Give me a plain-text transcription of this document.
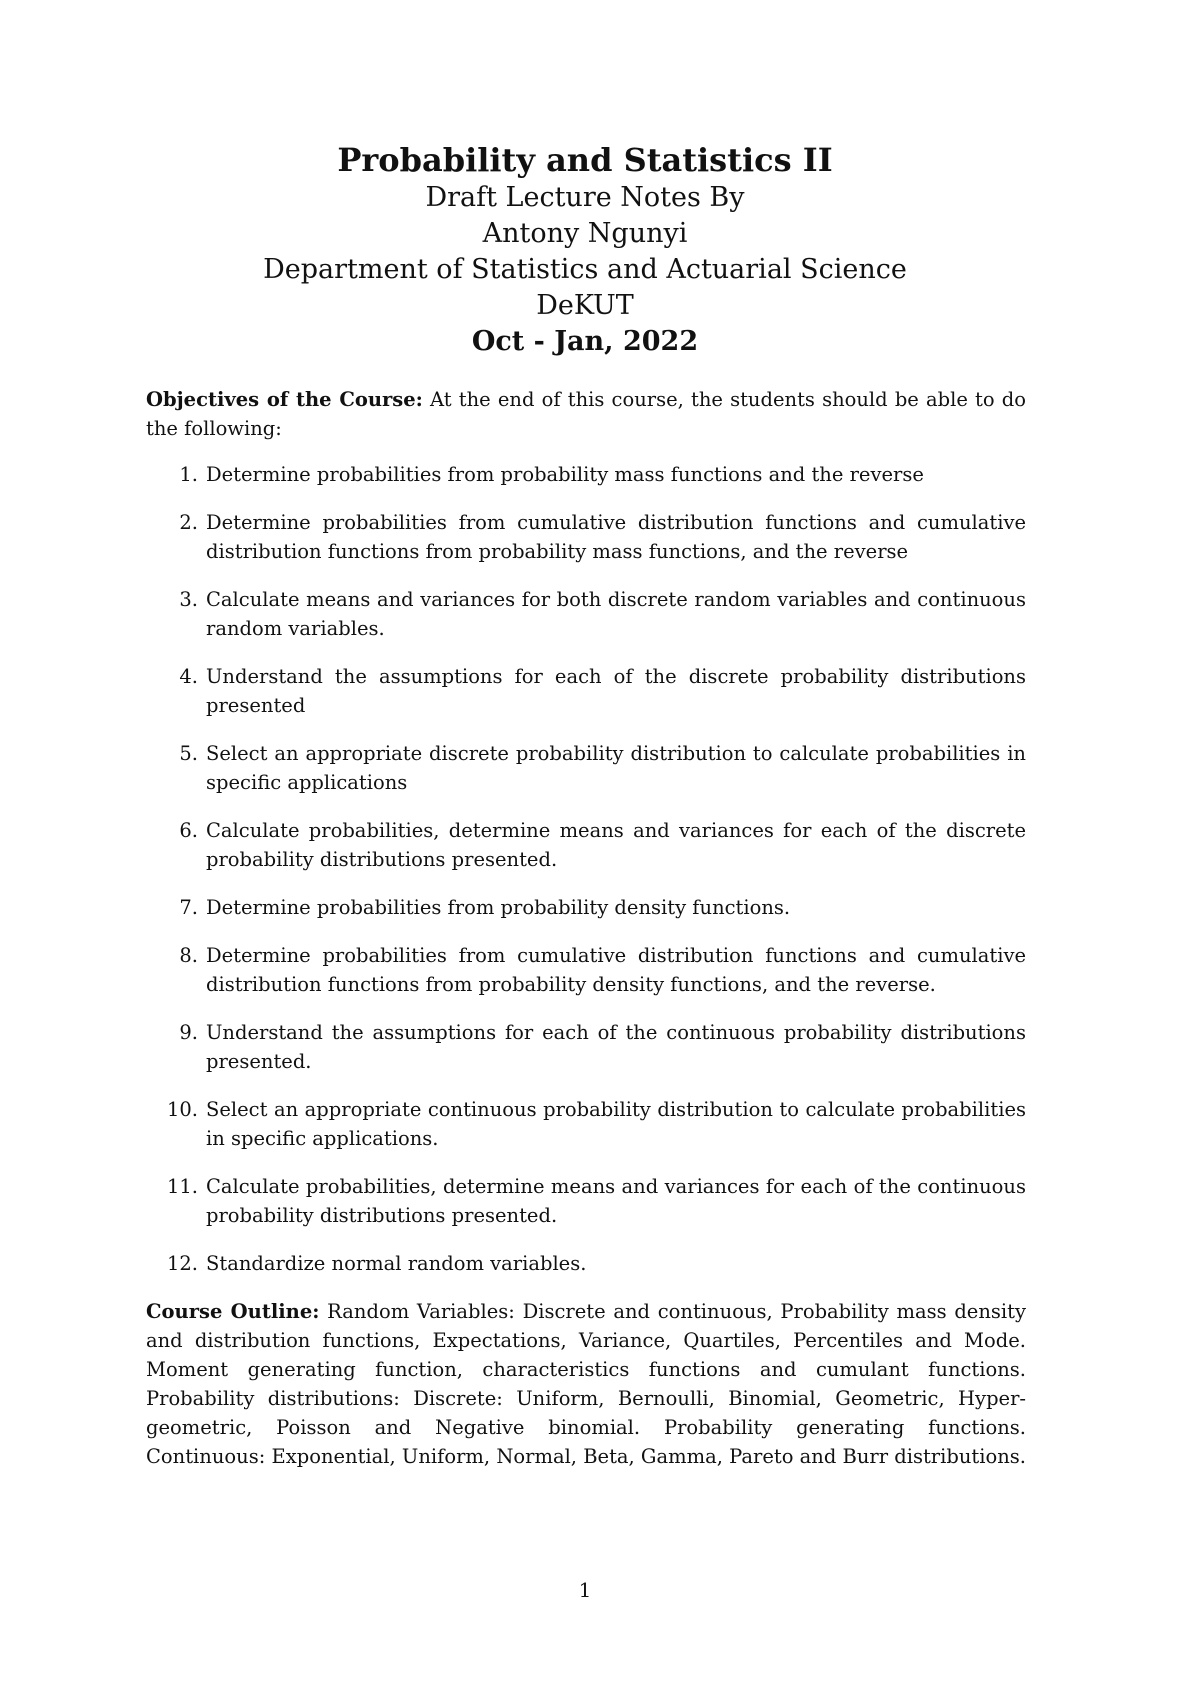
Probability and Statistics II
Draft Lecture Notes By
Antony Ngunyi
Department of Statistics and Actuarial Science
DeKUT
Oct - Jan, 2022

Objectives of the Course: At the end of this course, the students should be able to do the following:

1. Determine probabilities from probability mass functions and the reverse
2. Determine probabilities from cumulative distribution functions and cumulative distribution functions from probability mass functions, and the reverse
3. Calculate means and variances for both discrete random variables and continuous random variables.
4. Understand the assumptions for each of the discrete probability distributions presented
5. Select an appropriate discrete probability distribution to calculate probabilities in specific applications
6. Calculate probabilities, determine means and variances for each of the discrete probability distributions presented.
7. Determine probabilities from probability density functions.
8. Determine probabilities from cumulative distribution functions and cumulative distribution functions from probability density functions, and the reverse.
9. Understand the assumptions for each of the continuous probability distributions presented.
10. Select an appropriate continuous probability distribution to calculate probabilities in specific applications.
11. Calculate probabilities, determine means and variances for each of the continuous probability distributions presented.
12. Standardize normal random variables.

Course Outline: Random Variables: Discrete and continuous, Probability mass density and distribution functions, Expectations, Variance, Quartiles, Percentiles and Mode. Moment generating function, characteristics functions and cumulant functions. Probability distributions: Discrete: Uniform, Bernoulli, Binomial, Geometric, Hyper-geometric, Poisson and Negative binomial. Probability generating functions. Continuous: Exponential, Uniform, Normal, Beta, Gamma, Pareto and Burr distributions.

1
